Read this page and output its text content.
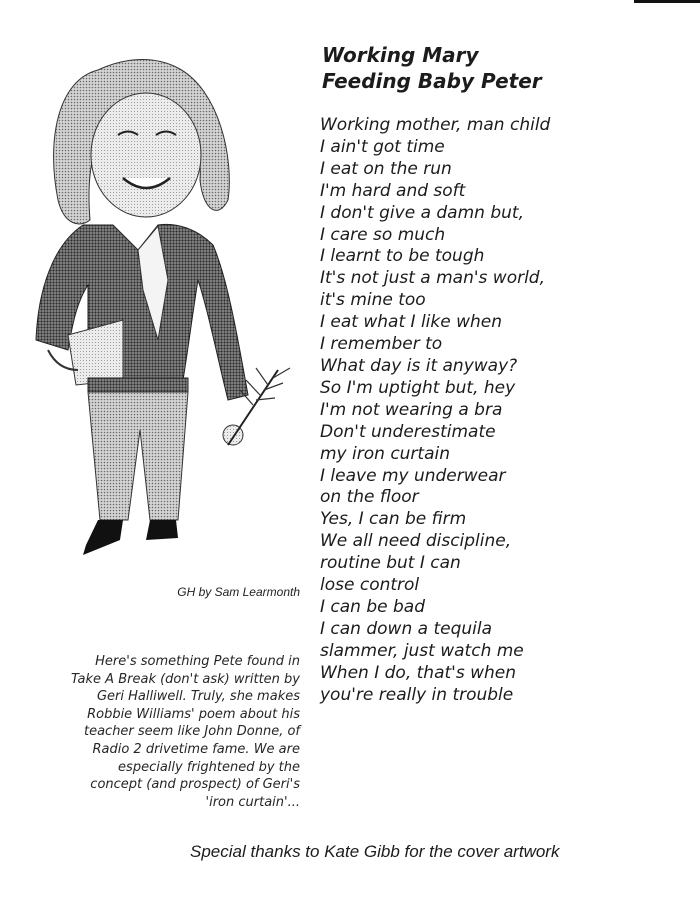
GH by Sam Learmonth
Here's something Pete found in
Take A Break (don't ask) written by
Geri Halliwell. Truly, she makes
Robbie Williams' poem about his
teacher seem like John Donne, of
Radio 2 drivetime fame. We are
especially frightened by the
concept (and prospect) of Geri's
'iron curtain'...
Working Mary
Feeding Baby Peter
Working mother, man child
I ain't got time
I eat on the run
I'm hard and soft
I don't give a damn but,
I care so much
I learnt to be tough
It's not just a man's world,
it's mine too
I eat what I like when
I remember to
What day is it anyway?
So I'm uptight but, hey
I'm not wearing a bra
Don't underestimate
my iron curtain
I leave my underwear
on the floor
Yes, I can be firm
We all need discipline,
routine but I can
lose control
I can be bad
I can down a tequila
slammer, just watch me
When I do, that's when
you're really in trouble
Special thanks to Kate Gibb for the cover artwork
